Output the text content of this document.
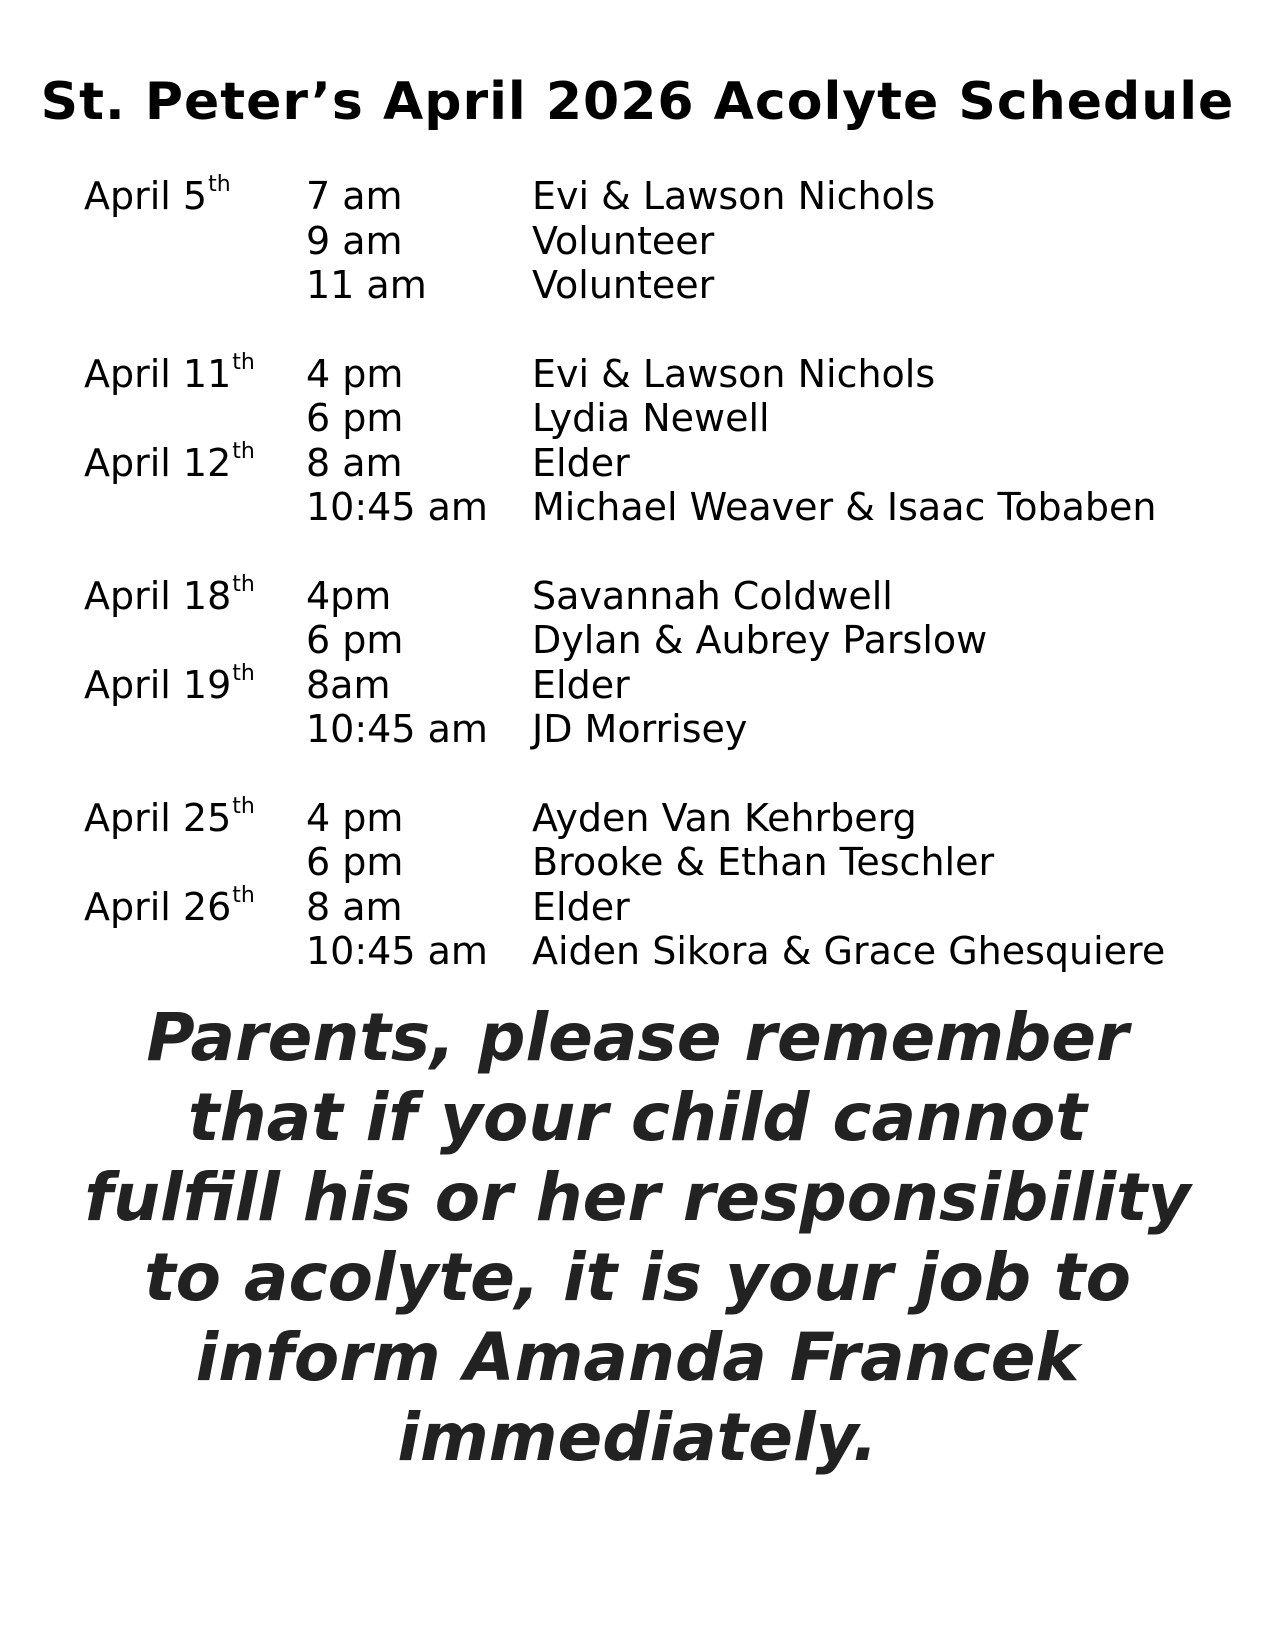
St. Peter’s April 2026 Acolyte Schedule
April 5th	7 am	Evi & Lawson Nichols
9 am	Volunteer
11 am	Volunteer
April 11th	4 pm	Evi & Lawson Nichols
6 pm	Lydia Newell
April 12th	8 am	Elder
10:45 am	Michael Weaver & Isaac Tobaben
April 18th	4pm	Savannah Coldwell
6 pm	Dylan & Aubrey Parslow
April 19th	8am	Elder
10:45 am	JD Morrisey
April 25th	4 pm	Ayden Van Kehrberg
6 pm	Brooke & Ethan Teschler
April 26th	8 am	Elder
10:45 am	Aiden Sikora & Grace Ghesquiere
Parents, please remember
that if your child cannot
fulfill his or her responsibility
to acolyte, it is your job to
inform Amanda Francek
immediately.
